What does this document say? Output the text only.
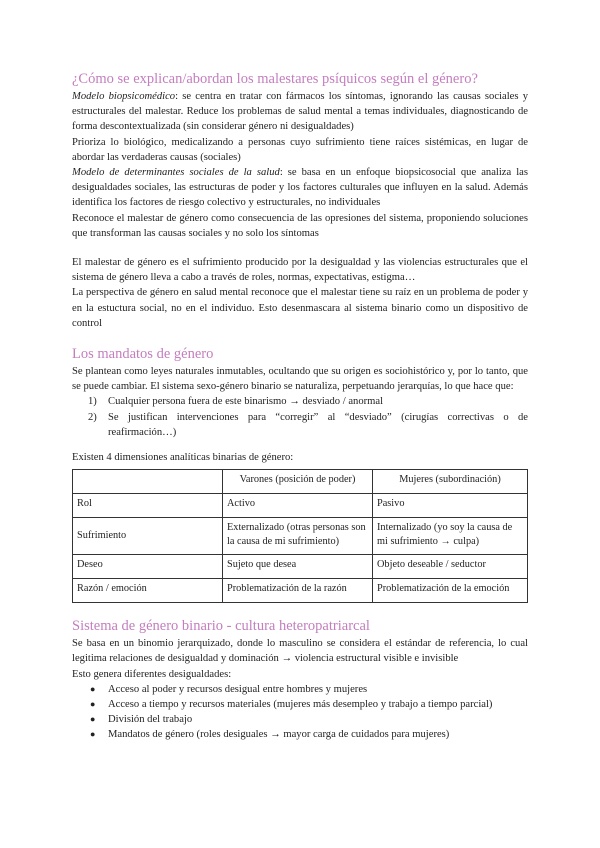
¿Cómo se explican/abordan los malestares psíquicos según el género?

Modelo biopsicomédico: se centra en tratar con fármacos los síntomas, ignorando las causas sociales y estructurales del malestar. Reduce los problemas de salud mental a temas individuales, diagnosticando de forma descontextualizada (sin considerar género ni desigualdades)

Prioriza lo biológico, medicalizando a personas cuyo sufrimiento tiene raíces sistémicas, en lugar de abordar las verdaderas causas (sociales)

Modelo de determinantes sociales de la salud: se basa en un enfoque biopsicosocial que analiza las desigualdades sociales, las estructuras de poder y los factores culturales que influyen en la salud. Además identifica los factores de riesgo colectivo y estructurales, no individuales

Reconoce el malestar de género como consecuencia de las opresiones del sistema, proponiendo soluciones que transforman las causas sociales y no solo los síntomas

El malestar de género es el sufrimiento producido por la desigualdad y las violencias estructurales que el sistema de género lleva a cabo a través de roles, normas, expectativas, estigma…

La perspectiva de género en salud mental reconoce que el malestar tiene su raíz en un problema de poder y en la estuctura social, no en el individuo. Esto desenmascara al sistema binario como un dispositivo de control

Los mandatos de género

Se plantean como leyes naturales inmutables, ocultando que su origen es sociohistórico y, por lo tanto, que se puede cambiar. El sistema sexo-género binario se naturaliza, perpetuando jerarquías, lo que hace que:

1) Cualquier persona fuera de este binarismo → desviado / anormal
2) Se justifican intervenciones para “corregir” al “desviado” (cirugías correctivas o de reafirmación…)

Existen 4 dimensiones analíticas binarias de género:

	Varones (posición de poder)	Mujeres (subordinación)
Rol	Activo	Pasivo
Sufrimiento	Externalizado (otras personas son la causa de mi sufrimiento)	Internalizado (yo soy la causa de mi sufrimiento → culpa)
Deseo	Sujeto que desea	Objeto deseable / seductor
Razón / emoción	Problematización de la razón	Problematización de la emoción
Sistema de género binario - cultura heteropatriarcal

Se basa en un binomio jerarquizado, donde lo masculino se considera el estándar de referencia, lo cual legitima relaciones de desigualdad y dominación → violencia estructural visible e invisible

Esto genera diferentes desigualdades:

● Acceso al poder y recursos desigual entre hombres y mujeres
● Acceso a tiempo y recursos materiales (mujeres más desempleo y trabajo a tiempo parcial)
● División del trabajo
● Mandatos de género (roles desiguales → mayor carga de cuidados para mujeres)
